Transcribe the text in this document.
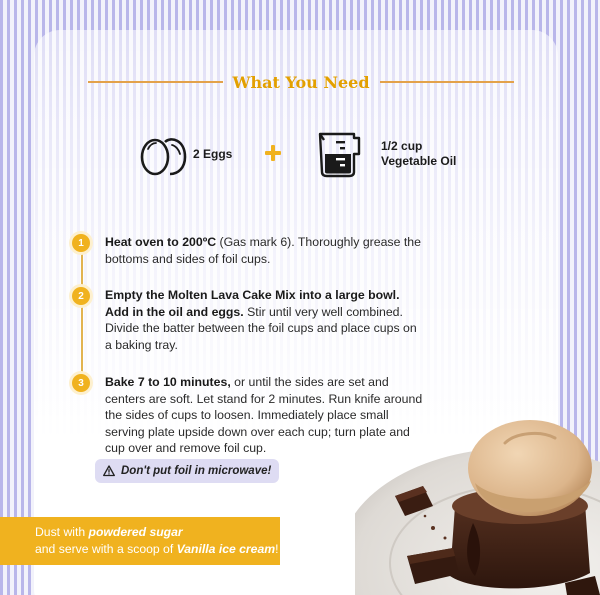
What You Need
2 Eggs
1/2 cup
Vegetable Oil
1	Heat oven to 200ºC (Gas mark 6). Thoroughly grease the bottoms and sides of foil cups.
2	Empty the Molten Lava Cake Mix into a large bowl. Add in the oil and eggs. Stir until very well combined. Divide the batter between the foil cups and place cups on a baking tray.
3	Bake 7 to 10 minutes, or until the sides are set and centers are soft. Let stand for 2 minutes. Run knife around the sides of cups to loosen. Immediately place small serving plate upside down over each cup; turn plate and cup over and remove foil cup.
Don't put foil in microwave!
Dust with powdered sugar
and serve with a scoop of Vanilla ice cream!
